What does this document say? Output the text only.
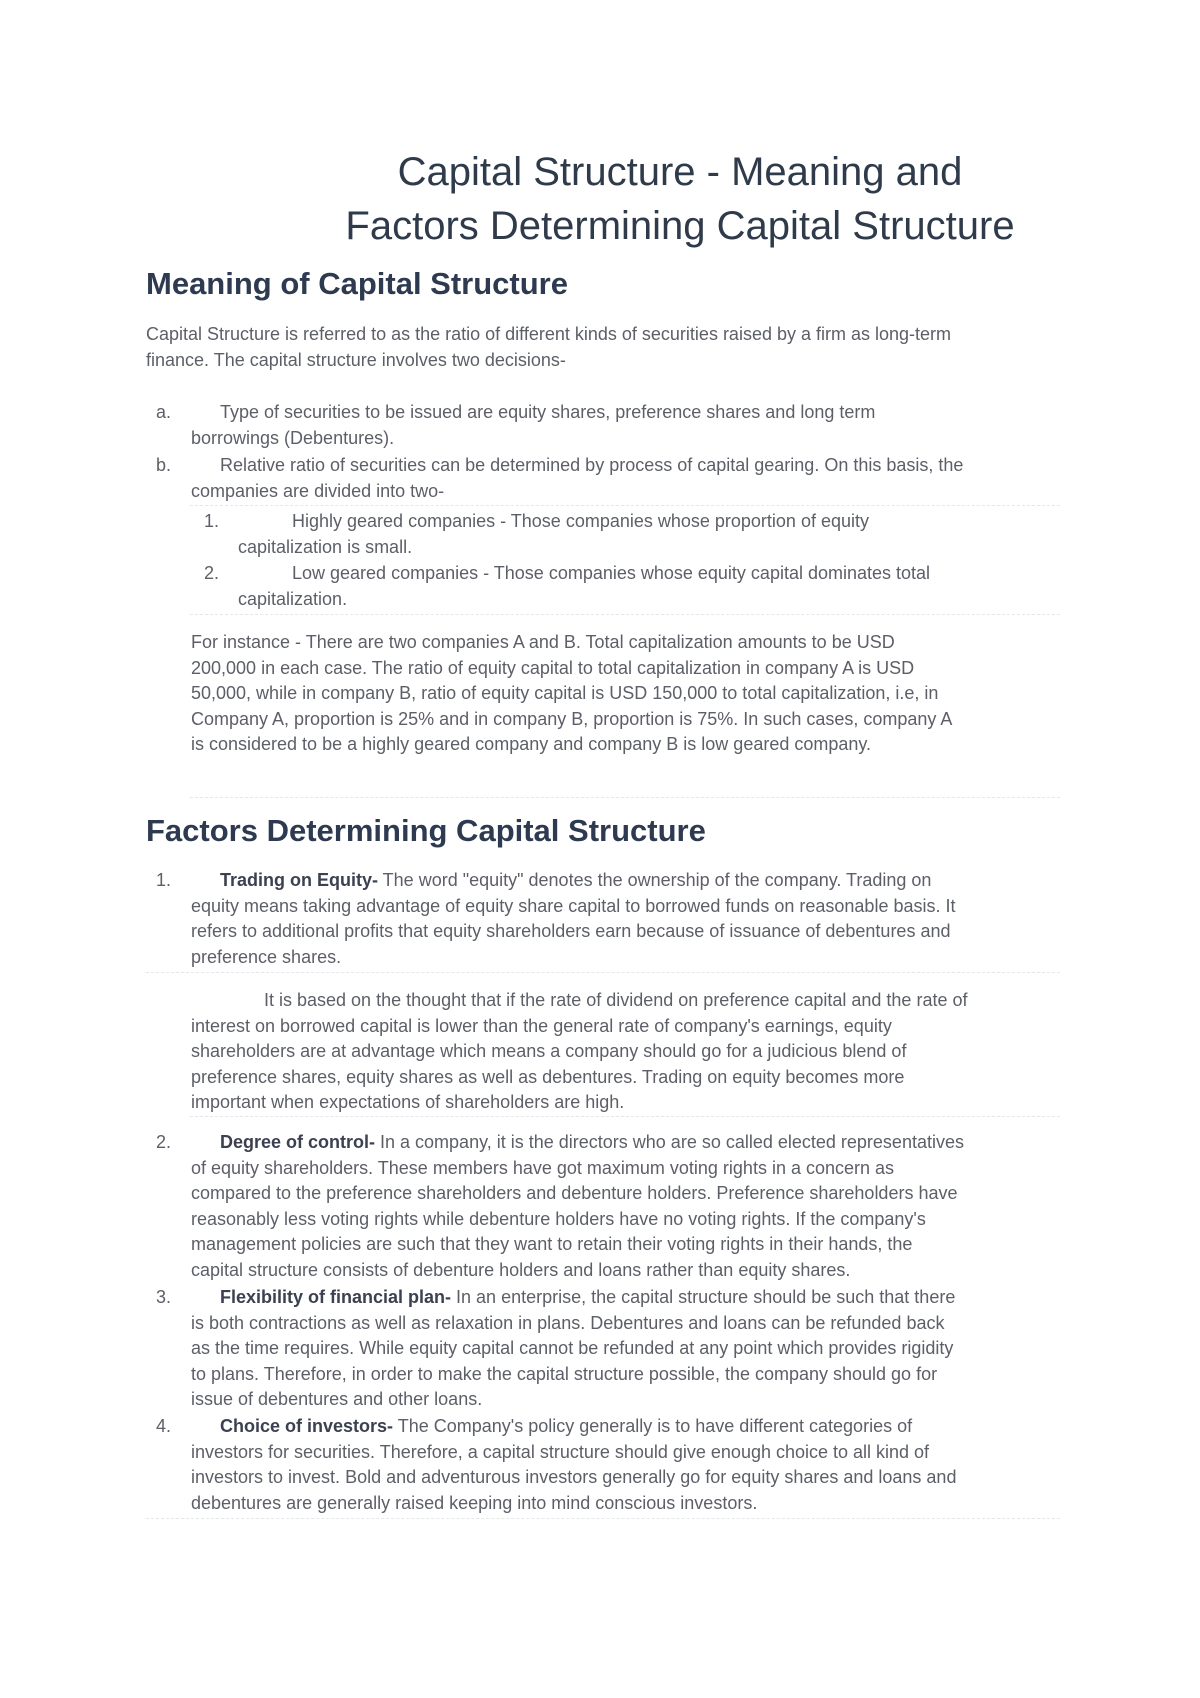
Capital Structure - Meaning and
Factors Determining Capital Structure
Meaning of Capital Structure
Capital Structure is referred to as the ratio of different kinds of securities raised by a firm as long-term
finance. The capital structure involves two decisions-
a.	Type of securities to be issued are equity shares, preference shares and long term
borrowings (Debentures).
b.	Relative ratio of securities can be determined by process of capital gearing. On this basis, the
companies are divided into two-
1.	Highly geared companies - Those companies whose proportion of equity
capitalization is small.
2.	Low geared companies - Those companies whose equity capital dominates total
capitalization.
For instance - There are two companies A and B. Total capitalization amounts to be USD
200,000 in each case. The ratio of equity capital to total capitalization in company A is USD
50,000, while in company B, ratio of equity capital is USD 150,000 to total capitalization, i.e, in
Company A, proportion is 25% and in company B, proportion is 75%. In such cases, company A
is considered to be a highly geared company and company B is low geared company.
Factors Determining Capital Structure
1.	Trading on Equity- The word "equity" denotes the ownership of the company. Trading on
equity means taking advantage of equity share capital to borrowed funds on reasonable basis. It
refers to additional profits that equity shareholders earn because of issuance of debentures and
preference shares.
It is based on the thought that if the rate of dividend on preference capital and the rate of
interest on borrowed capital is lower than the general rate of company's earnings, equity
shareholders are at advantage which means a company should go for a judicious blend of
preference shares, equity shares as well as debentures. Trading on equity becomes more
important when expectations of shareholders are high.
2.	Degree of control- In a company, it is the directors who are so called elected representatives
of equity shareholders. These members have got maximum voting rights in a concern as
compared to the preference shareholders and debenture holders. Preference shareholders have
reasonably less voting rights while debenture holders have no voting rights. If the company's
management policies are such that they want to retain their voting rights in their hands, the
capital structure consists of debenture holders and loans rather than equity shares.
3.	Flexibility of financial plan- In an enterprise, the capital structure should be such that there
is both contractions as well as relaxation in plans. Debentures and loans can be refunded back
as the time requires. While equity capital cannot be refunded at any point which provides rigidity
to plans. Therefore, in order to make the capital structure possible, the company should go for
issue of debentures and other loans.
4.	Choice of investors- The Company's policy generally is to have different categories of
investors for securities. Therefore, a capital structure should give enough choice to all kind of
investors to invest. Bold and adventurous investors generally go for equity shares and loans and
debentures are generally raised keeping into mind conscious investors.
